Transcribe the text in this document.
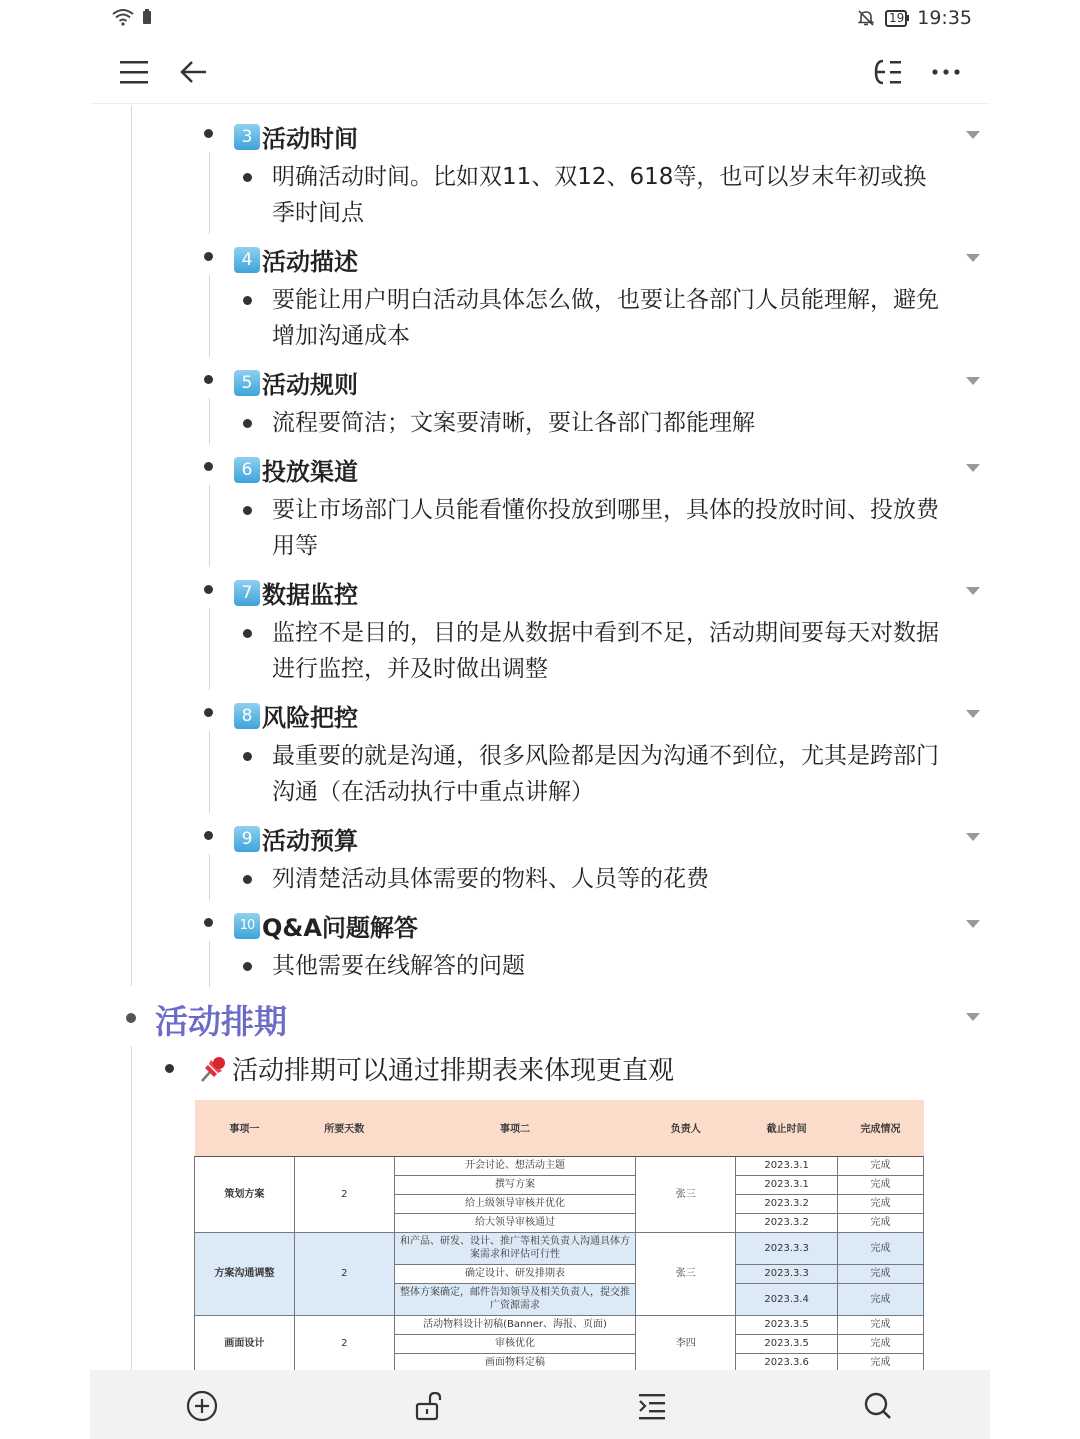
19 19:35
3 活动时间
明确活动时间。比如双11、双12、618等，也可以岁末年初或换季时间点
4 活动描述
要能让用户明白活动具体怎么做，也要让各部门人员能理解，避免增加沟通成本
5 活动规则
流程要简洁；文案要清晰，要让各部门都能理解
6 投放渠道
要让市场部门人员能看懂你投放到哪里，具体的投放时间、投放费用等
7 数据监控
监控不是目的，目的是从数据中看到不足，活动期间要每天对数据进行监控，并及时做出调整
8 风险把控
最重要的就是沟通，很多风险都是因为沟通不到位，尤其是跨部门沟通（在活动执行中重点讲解）
9 活动预算
列清楚活动具体需要的物料、人员等的花费
10 Q&A问题解答
其他需要在线解答的问题
活动排期
活动排期可以通过排期表来体现更直观
事项一	所要天数	事项二	负责人	截止时间	完成情况
策划方案	2	开会讨论、想活动主题	张三	2023.3.1	完成
		撰写方案		2023.3.1	完成
		给上级领导审核并优化		2023.3.2	完成
		给大领导审核通过		2023.3.2	完成
方案沟通调整	2	和产品、研发、设计、推广等相关负责人沟通具体方案需求和评估可行性	张三	2023.3.3	完成
		确定设计、研发排期表		2023.3.3	完成
		整体方案确定，邮件告知领导及相关负责人，提交推广资源需求		2023.3.4	完成
画面设计	2	活动物料设计初稿(Banner、海报、页面)	李四	2023.3.5	完成
		审核优化		2023.3.5	完成
		画面物料定稿		2023.3.6	完成
